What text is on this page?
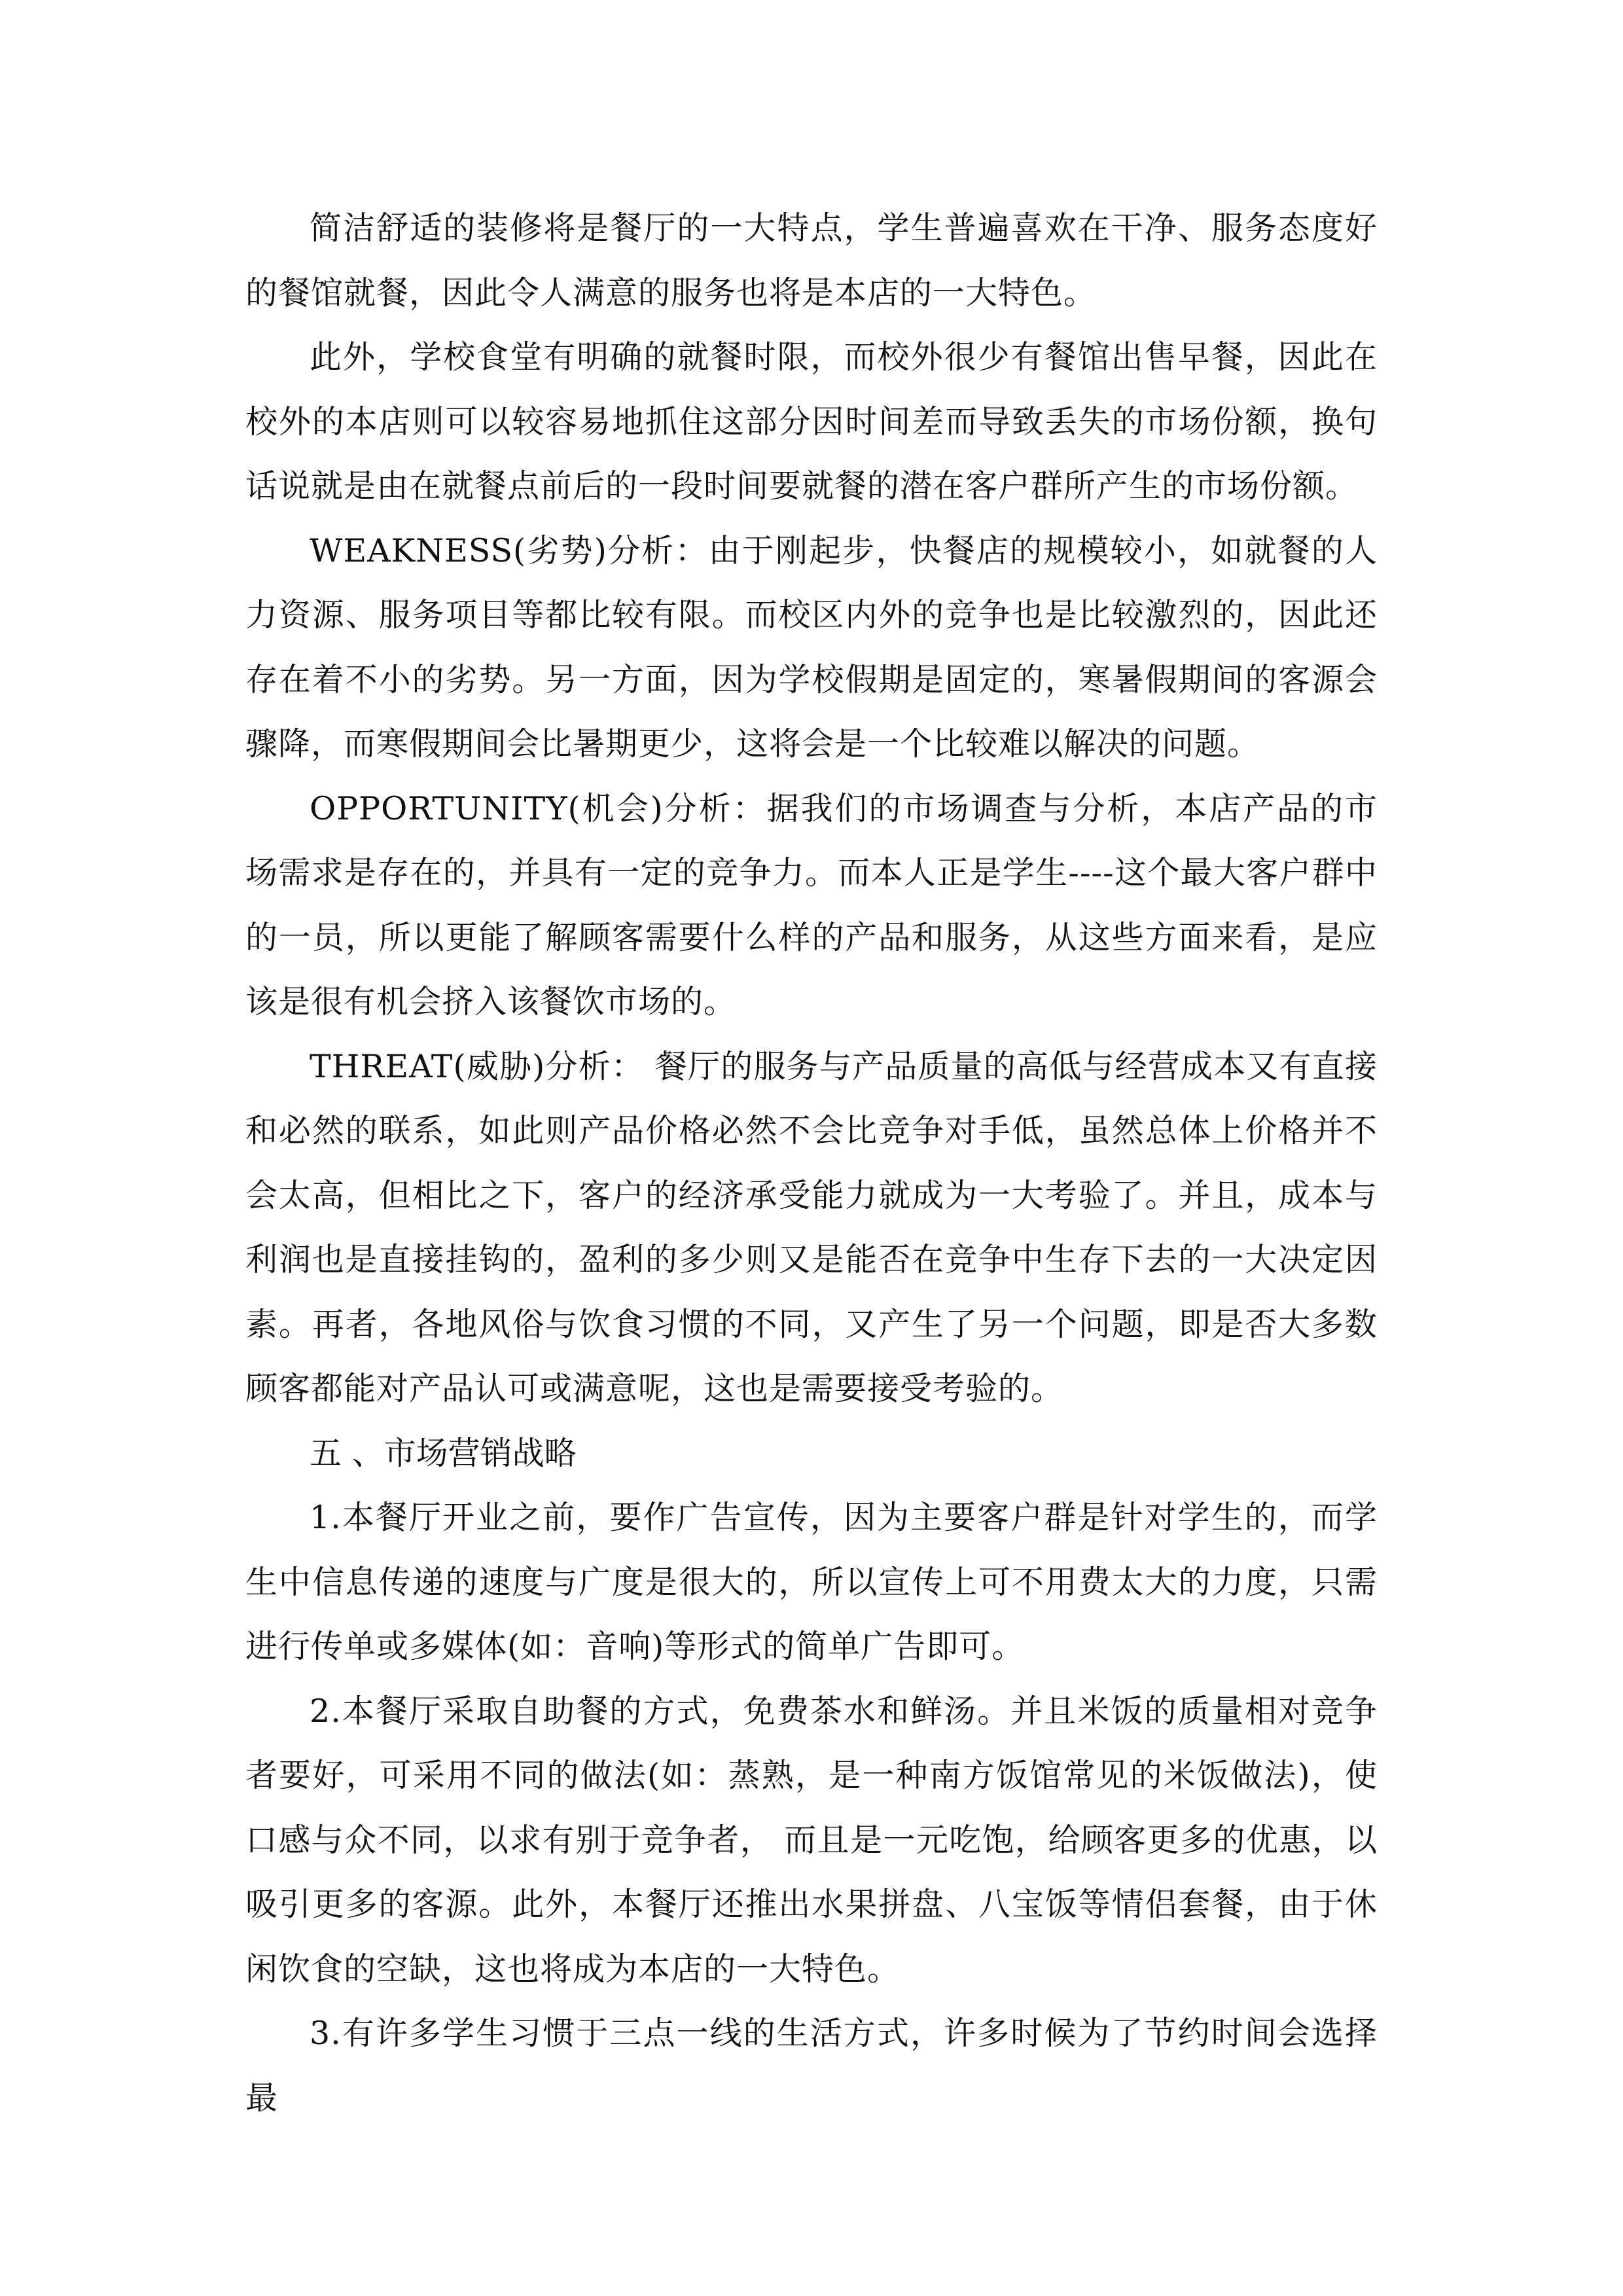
简洁舒适的装修将是餐厅的一大特点，学生普遍喜欢在干净、服务态度好的餐馆就餐，因此令人满意的服务也将是本店的一大特色。

此外，学校食堂有明确的就餐时限，而校外很少有餐馆出售早餐，因此在校外的本店则可以较容易地抓住这部分因时间差而导致丢失的市场份额，换句话说就是由在就餐点前后的一段时间要就餐的潜在客户群所产生的市场份额。

WEAKNESS(劣势)分析：由于刚起步，快餐店的规模较小，如就餐的人力资源、服务项目等都比较有限。而校区内外的竞争也是比较激烈的，因此还存在着不小的劣势。另一方面，因为学校假期是固定的，寒暑假期间的客源会骤降，而寒假期间会比暑期更少，这将会是一个比较难以解决的问题。

OPPORTUNITY(机会)分析：据我们的市场调查与分析，本店产品的市场需求是存在的，并具有一定的竞争力。而本人正是学生----这个最大客户群中的一员，所以更能了解顾客需要什么样的产品和服务，从这些方面来看，是应该是很有机会挤入该餐饮市场的。

THREAT(威胁)分析： 餐厅的服务与产品质量的高低与经营成本又有直接和必然的联系，如此则产品价格必然不会比竞争对手低，虽然总体上价格并不会太高，但相比之下，客户的经济承受能力就成为一大考验了。并且，成本与利润也是直接挂钩的，盈利的多少则又是能否在竞争中生存下去的一大决定因素。再者，各地风俗与饮食习惯的不同，又产生了另一个问题，即是否大多数顾客都能对产品认可或满意呢，这也是需要接受考验的。

五 、市场营销战略

1.本餐厅开业之前，要作广告宣传，因为主要客户群是针对学生的，而学生中信息传递的速度与广度是很大的，所以宣传上可不用费太大的力度，只需进行传单或多媒体(如：音响)等形式的简单广告即可。

2.本餐厅采取自助餐的方式，免费茶水和鲜汤。并且米饭的质量相对竞争者要好，可采用不同的做法(如：蒸熟，是一种南方饭馆常见的米饭做法)，使口感与众不同，以求有别于竞争者， 而且是一元吃饱，给顾客更多的优惠，以吸引更多的客源。此外，本餐厅还推出水果拼盘、八宝饭等情侣套餐，由于休闲饮食的空缺，这也将成为本店的一大特色。

3.有许多学生习惯于三点一线的生活方式，许多时候为了节约时间会选择最
